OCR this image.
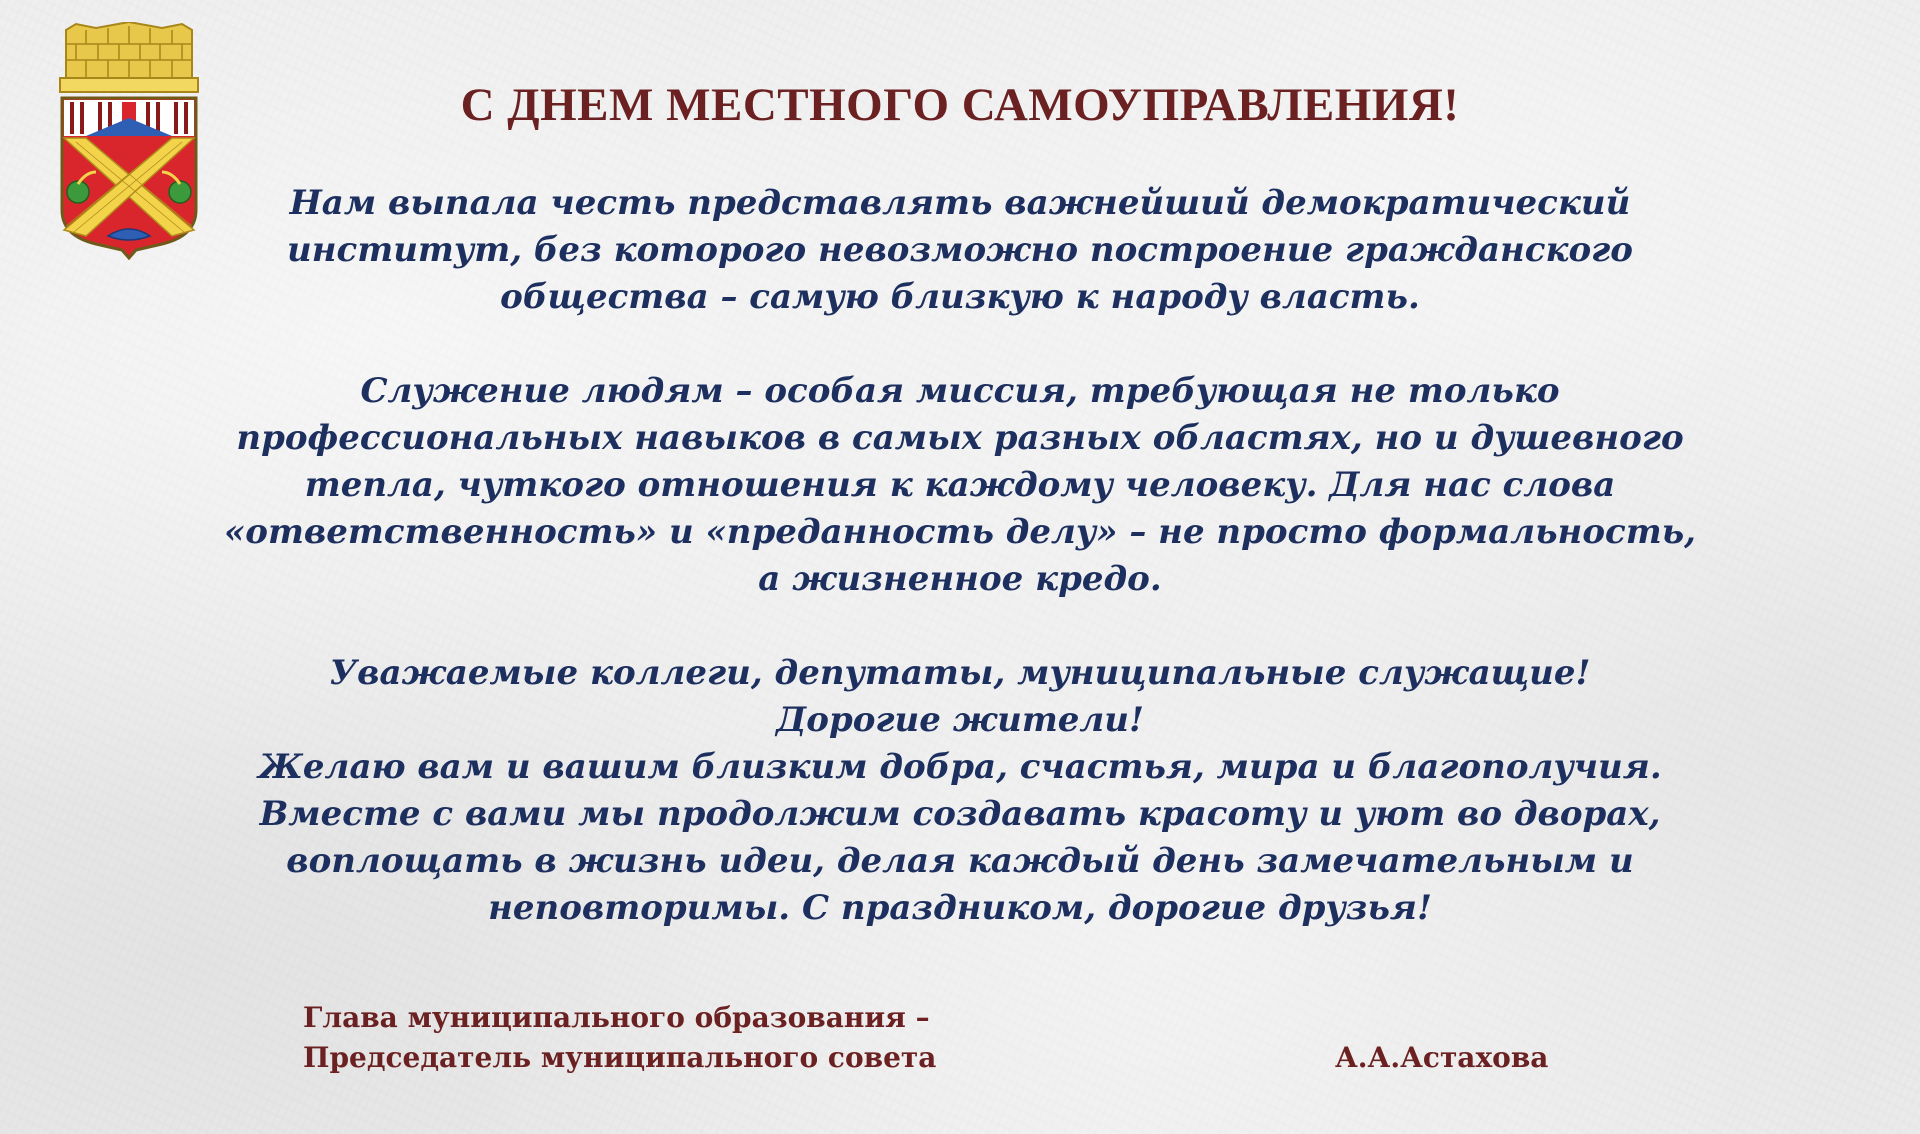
С ДНЕМ МЕСТНОГО САМОУПРАВЛЕНИЯ!

Нам выпала честь представлять важнейший демократический

институт, без которого невозможно построение гражданского

общества – самую близкую к народу власть.

Служение людям – особая миссия, требующая не только

профессиональных навыков в самых разных областях, но и душевного

тепла, чуткого отношения к каждому человеку. Для нас слова

«ответственность» и «преданность делу» – не просто формальность,

а жизненное кредо.

Уважаемые коллеги, депутаты, муниципальные служащие!

Дорогие жители!

Желаю вам и вашим близким добра, счастья, мира и благополучия.

Вместе с вами мы продолжим создавать красоту и уют во дворах,

воплощать в жизнь идеи, делая каждый день замечательным и

неповторимы. С праздником, дорогие друзья!

Глава муниципального образования –
Председатель муниципального совета	А.А.Астахова
